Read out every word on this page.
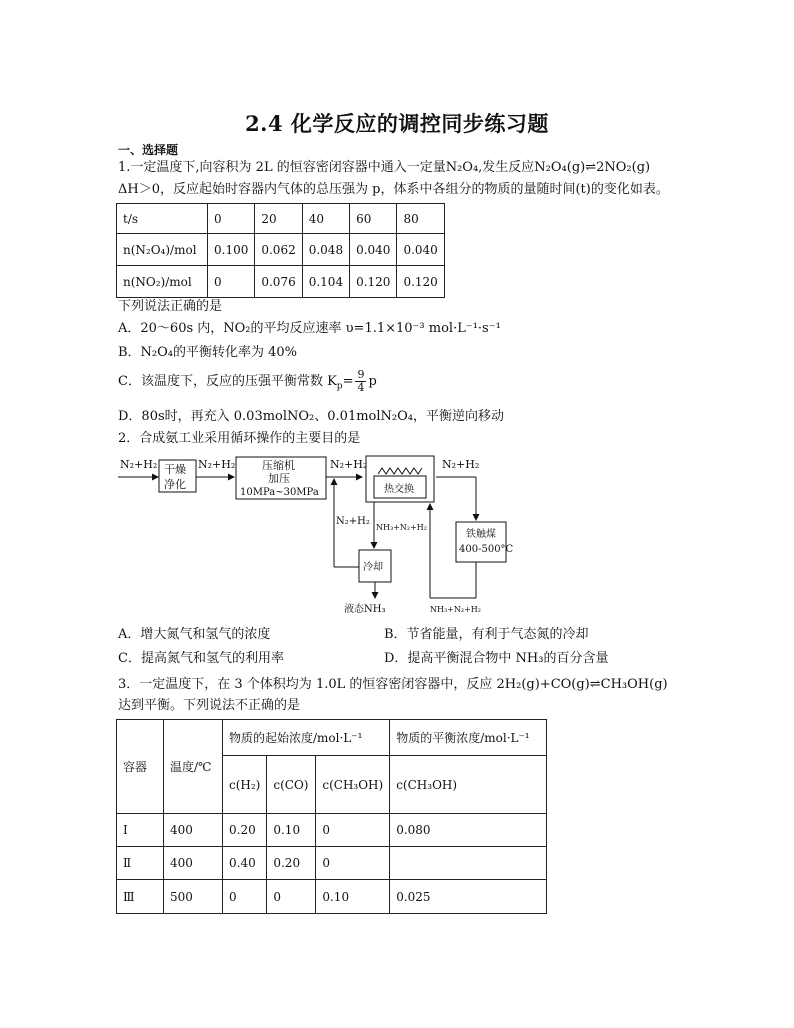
2.4 化学反应的调控同步练习题
一、选择题
1.一定温度下,向容积为 2L 的恒容密闭容器中通入一定量N₂O₄,发生反应N₂O₄(g)⇌2NO₂(g)
ΔH＞0，反应起始时容器内气体的总压强为 p，体系中各组分的物质的量随时间(t)的变化如表。
t/s	0	20	40	60	80
n(N₂O₄)/mol	0.100	0.062	0.048	0.040	0.040
n(NO₂)/mol	0	0.076	0.104	0.120	0.120
下列说法正确的是
A．20～60s 内，NO₂的平均反应速率 υ=1.1×10⁻³ mol·L⁻¹·s⁻¹
B．N₂O₄的平衡转化率为 40%
C．该温度下，反应的压强平衡常数 $K_p= \frac{9}{4}$ p
D．80s时，再充入 0.03molNO₂、0.01molN₂O₄，平衡逆向移动
2．合成氨工业采用循环操作的主要目的是
N₂+H₂ 干燥
净化
N₂+H₂ 压缩机
加压
10MPa~30MPa
N₂+H₂
热交换
N₂+H₂
N₂+H₂
NH₃+N₂+H₂
铁触煤
400-500°C
冷却
液态NH₃	NH₃+N₂+H₂
A．增大氮气和氢气的浓度	B．节省能量，有利于气态氮的冷却
C．提高氮气和氢气的利用率	D．提高平衡混合物中 NH₃的百分含量
3．一定温度下，在 3 个体积均为 1.0L 的恒容密闭容器中，反应 2H₂(g)+CO(g)⇌CH₃OH(g)
达到平衡。下列说法不正确的是
容器	温度/℃	物质的起始浓度/mol·L⁻¹			物质的平衡浓度/mol·L⁻¹
		c(H₂)	c(CO)	c(CH₃OH)	c(CH₃OH)
Ⅰ	400	0.20	0.10	0	0.080
Ⅱ	400	0.40	0.20	0	
Ⅲ	500	0	0	0.10	0.025
